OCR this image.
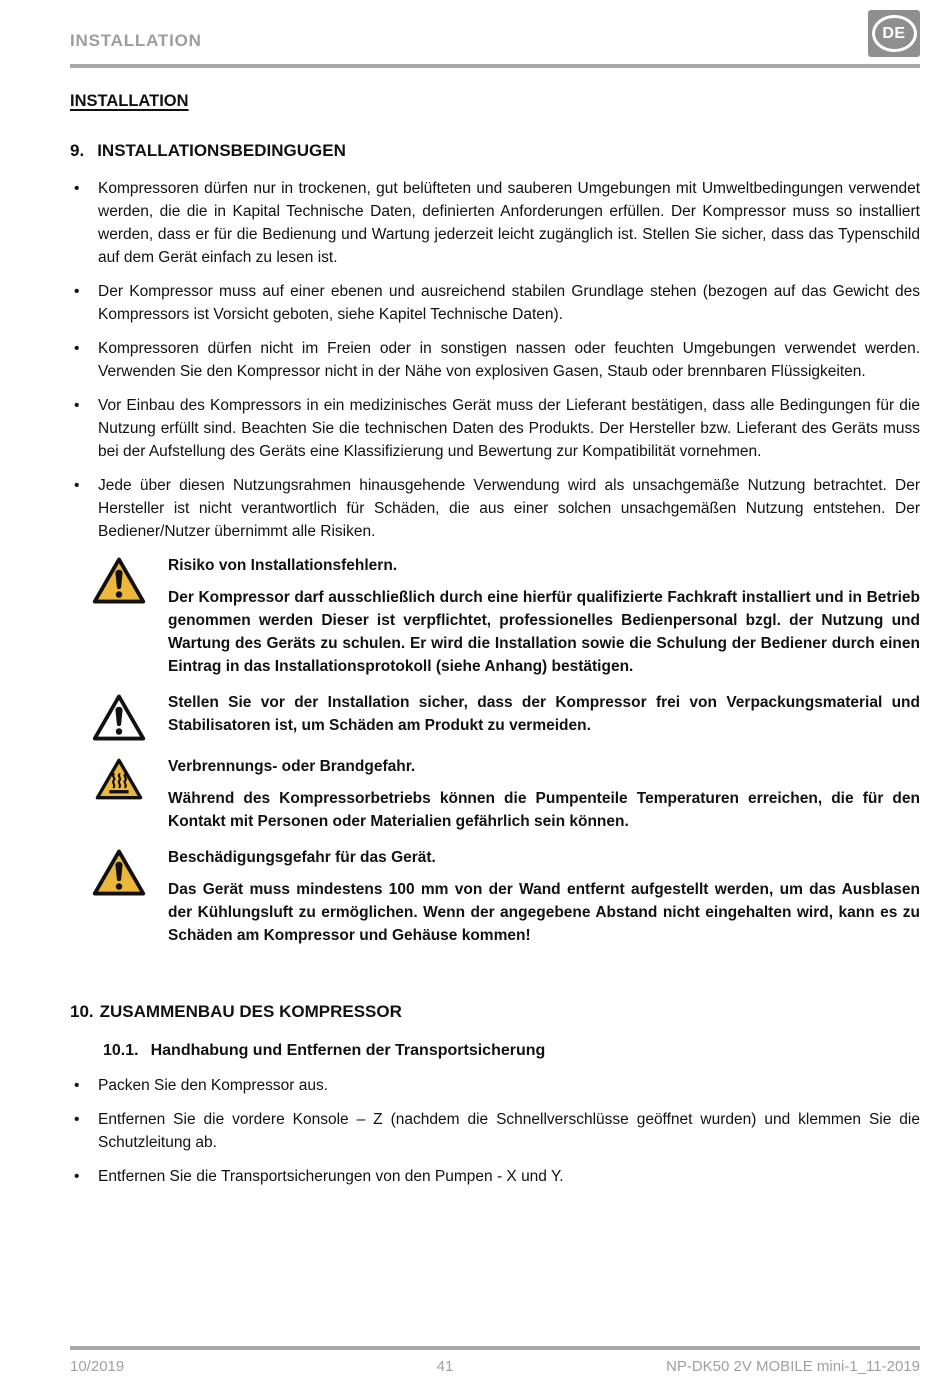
INSTALLATION	DE
INSTALLATION
9. INSTALLATIONSBEDINGUGEN
• Kompressoren dürfen nur in trockenen, gut belüfteten und sauberen Umgebungen mit Umweltbedingungen verwendet werden, die die in Kapital Technische Daten, definierten Anforderungen erfüllen. Der Kompressor muss so installiert werden, dass er für die Bedienung und Wartung jederzeit leicht zugänglich ist. Stellen Sie sicher, dass das Typenschild auf dem Gerät einfach zu lesen ist.
• Der Kompressor muss auf einer ebenen und ausreichend stabilen Grundlage stehen (bezogen auf das Gewicht des Kompressors ist Vorsicht geboten, siehe Kapitel Technische Daten).
• Kompressoren dürfen nicht im Freien oder in sonstigen nassen oder feuchten Umgebungen verwendet werden. Verwenden Sie den Kompressor nicht in der Nähe von explosiven Gasen, Staub oder brennbaren Flüssigkeiten.
• Vor Einbau des Kompressors in ein medizinisches Gerät muss der Lieferant bestätigen, dass alle Bedingungen für die Nutzung erfüllt sind. Beachten Sie die technischen Daten des Produkts. Der Hersteller bzw. Lieferant des Geräts muss bei der Aufstellung des Geräts eine Klassifizierung und Bewertung zur Kompatibilität vornehmen.
• Jede über diesen Nutzungsrahmen hinausgehende Verwendung wird als unsachgemäße Nutzung betrachtet. Der Hersteller ist nicht verantwortlich für Schäden, die aus einer solchen unsachgemäßen Nutzung entstehen. Der Bediener/Nutzer übernimmt alle Risiken.
Risiko von Installationsfehlern.
Der Kompressor darf ausschließlich durch eine hierfür qualifizierte Fachkraft installiert und in Betrieb genommen werden Dieser ist verpflichtet, professionelles Bedienpersonal bzgl. der Nutzung und Wartung des Geräts zu schulen. Er wird die Installation sowie die Schulung der Bediener durch einen Eintrag in das Installationsprotokoll (siehe Anhang) bestätigen.
Stellen Sie vor der Installation sicher, dass der Kompressor frei von Verpackungsmaterial und Stabilisatoren ist, um Schäden am Produkt zu vermeiden.
Verbrennungs- oder Brandgefahr.
Während des Kompressorbetriebs können die Pumpenteile Temperaturen erreichen, die für den Kontakt mit Personen oder Materialien gefährlich sein können.
Beschädigungsgefahr für das Gerät.
Das Gerät muss mindestens 100 mm von der Wand entfernt aufgestellt werden, um das Ausblasen der Kühlungsluft zu ermöglichen. Wenn der angegebene Abstand nicht eingehalten wird, kann es zu Schäden am Kompressor und Gehäuse kommen!
10. ZUSAMMENBAU DES KOMPRESSOR
10.1. Handhabung und Entfernen der Transportsicherung
• Packen Sie den Kompressor aus.
• Entfernen Sie die vordere Konsole – Z (nachdem die Schnellverschlüsse geöffnet wurden) und klemmen Sie die Schutzleitung ab.
• Entfernen Sie die Transportsicherungen von den Pumpen - X und Y.
10/2019	41	NP-DK50 2V MOBILE mini-1_11-2019
